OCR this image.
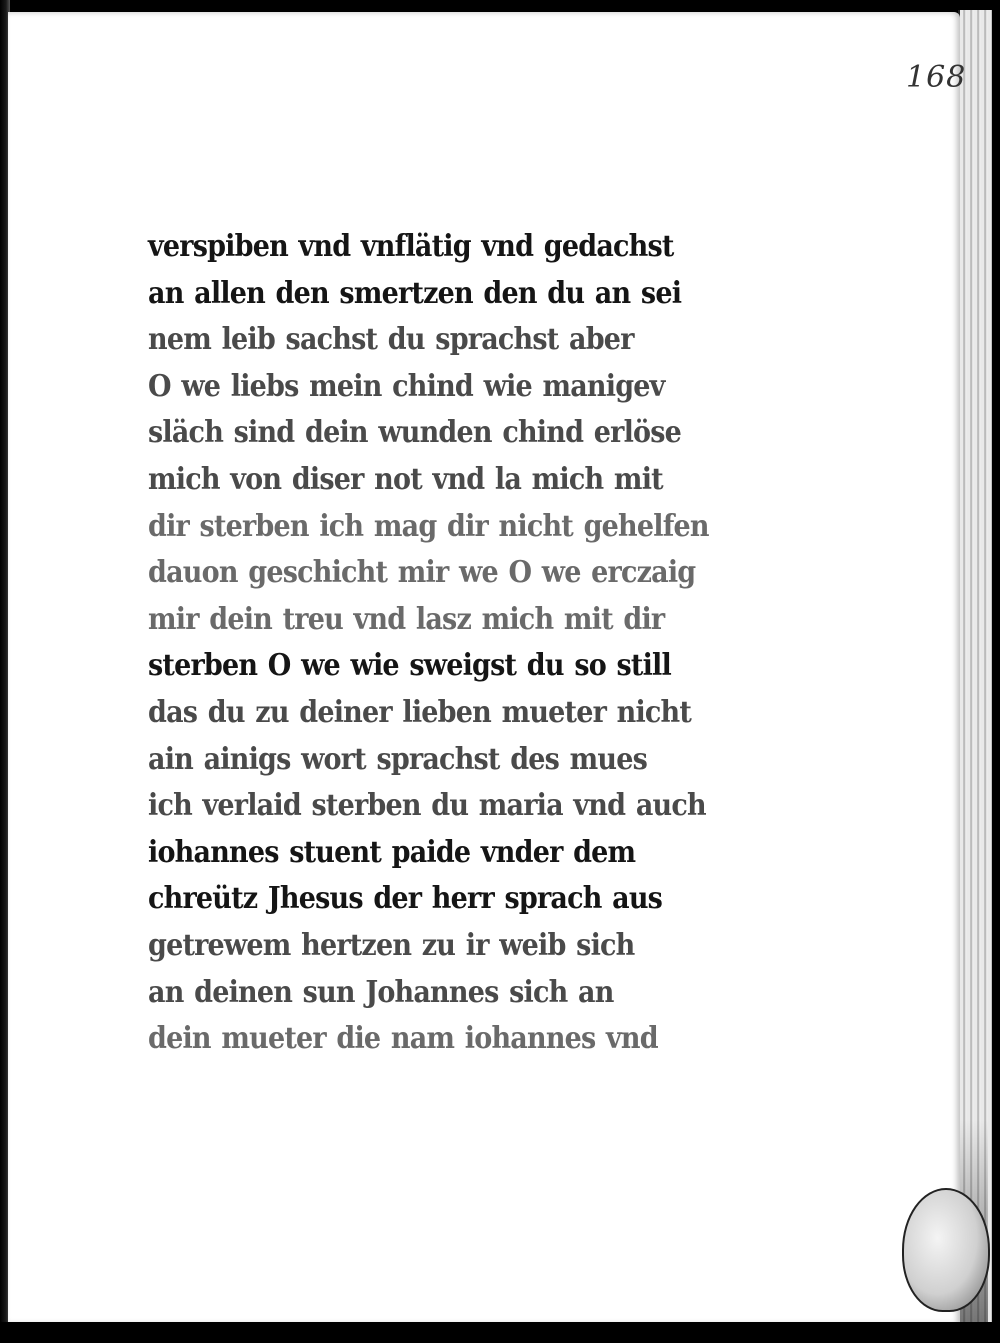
168
verspiben vnd vnflätig vnd gedachst
an allen den smertzen den du an sei
nem leib sachst du sprachst aber
O we liebs mein chind wie manigev
släch sind dein wunden chind erlöse
mich von diser not vnd la mich mit
dir sterben ich mag dir nicht gehelfen
dauon geschicht mir we O we erczaig
mir dein treu vnd lasz mich mit dir
sterben O we wie sweigst du so still
das du zu deiner lieben mueter nicht
ain ainigs wort sprachst des mues
ich verlaid sterben du maria vnd auch
iohannes stuent paide vnder dem
chreütz Jhesus der herr sprach aus
getrewem hertzen zu ir weib sich
an deinen sun Johannes sich an
dein mueter die nam iohannes vnd
